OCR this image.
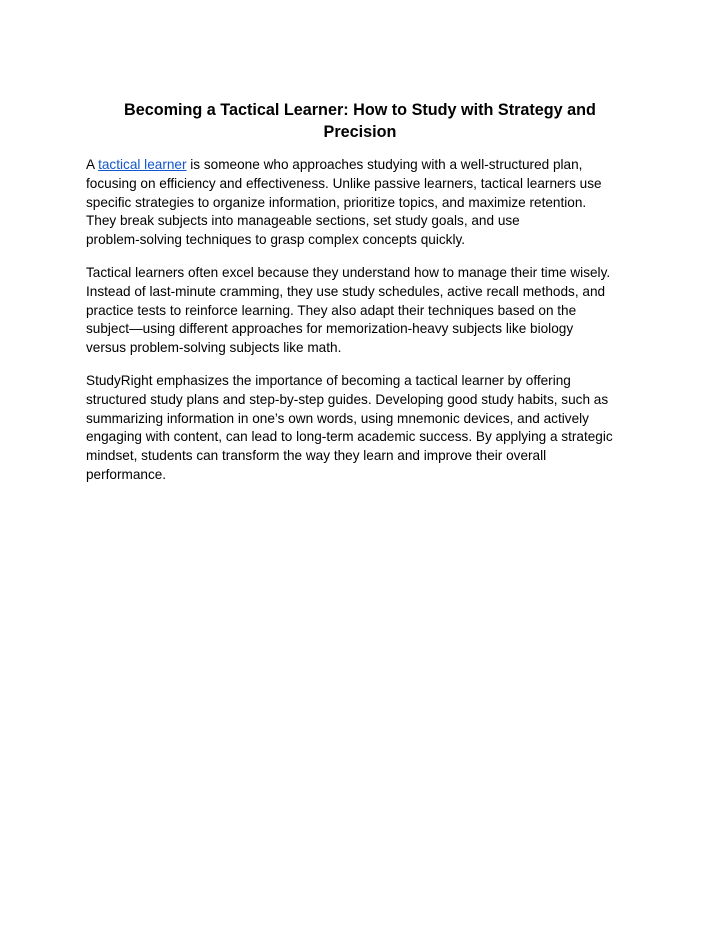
Becoming a Tactical Learner: How to Study with Strategy and
Precision

A tactical learner is someone who approaches studying with a well-structured plan,
focusing on efficiency and effectiveness. Unlike passive learners, tactical learners use
specific strategies to organize information, prioritize topics, and maximize retention.
They break subjects into manageable sections, set study goals, and use
problem-solving techniques to grasp complex concepts quickly.

Tactical learners often excel because they understand how to manage their time wisely.
Instead of last-minute cramming, they use study schedules, active recall methods, and
practice tests to reinforce learning. They also adapt their techniques based on the
subject—using different approaches for memorization-heavy subjects like biology
versus problem-solving subjects like math.

StudyRight emphasizes the importance of becoming a tactical learner by offering
structured study plans and step-by-step guides. Developing good study habits, such as
summarizing information in one’s own words, using mnemonic devices, and actively
engaging with content, can lead to long-term academic success. By applying a strategic
mindset, students can transform the way they learn and improve their overall
performance.
